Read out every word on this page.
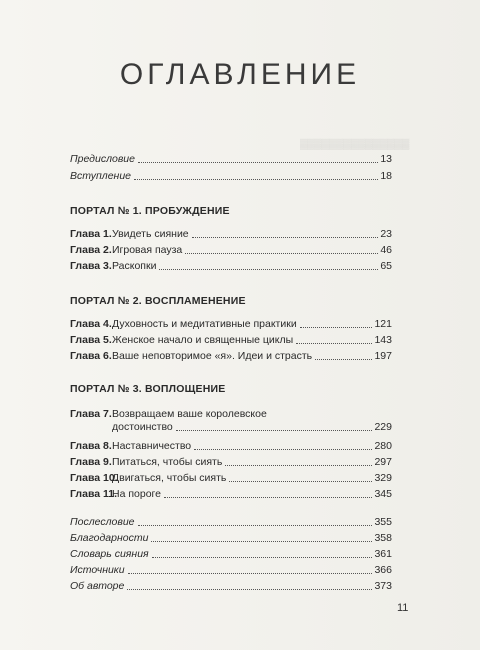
▓▓▓▓▓▓▓▓▓▓▓▓▓▓▓
ОГЛАВЛЕНИЕ
Предисловие	13
Вступление	18
ПОРТАЛ № 1. ПРОБУЖДЕНИЕ
Глава 1.Увидеть сияние	23
Глава 2.Игровая пауза	46
Глава 3.Раскопки	65
ПОРТАЛ № 2. ВОСПЛАМЕНЕНИЕ
Глава 4.Духовность и медитативные практики	121
Глава 5.Женское начало и священные циклы	143
Глава 6.Ваше неповторимое «я». Идеи и страсть	197
ПОРТАЛ № 3. ВОПЛОЩЕНИЕ
Глава 7.Возвращаем ваше королевское
достоинство	229
Глава 8.Наставничество	280
Глава 9.Питаться, чтобы сиять	297
Глава 10.Двигаться, чтобы сиять	329
Глава 11.На пороге	345
Послесловие	355
Благодарности	358
Словарь сияния	361
Источники	366
Об авторе	373
11
